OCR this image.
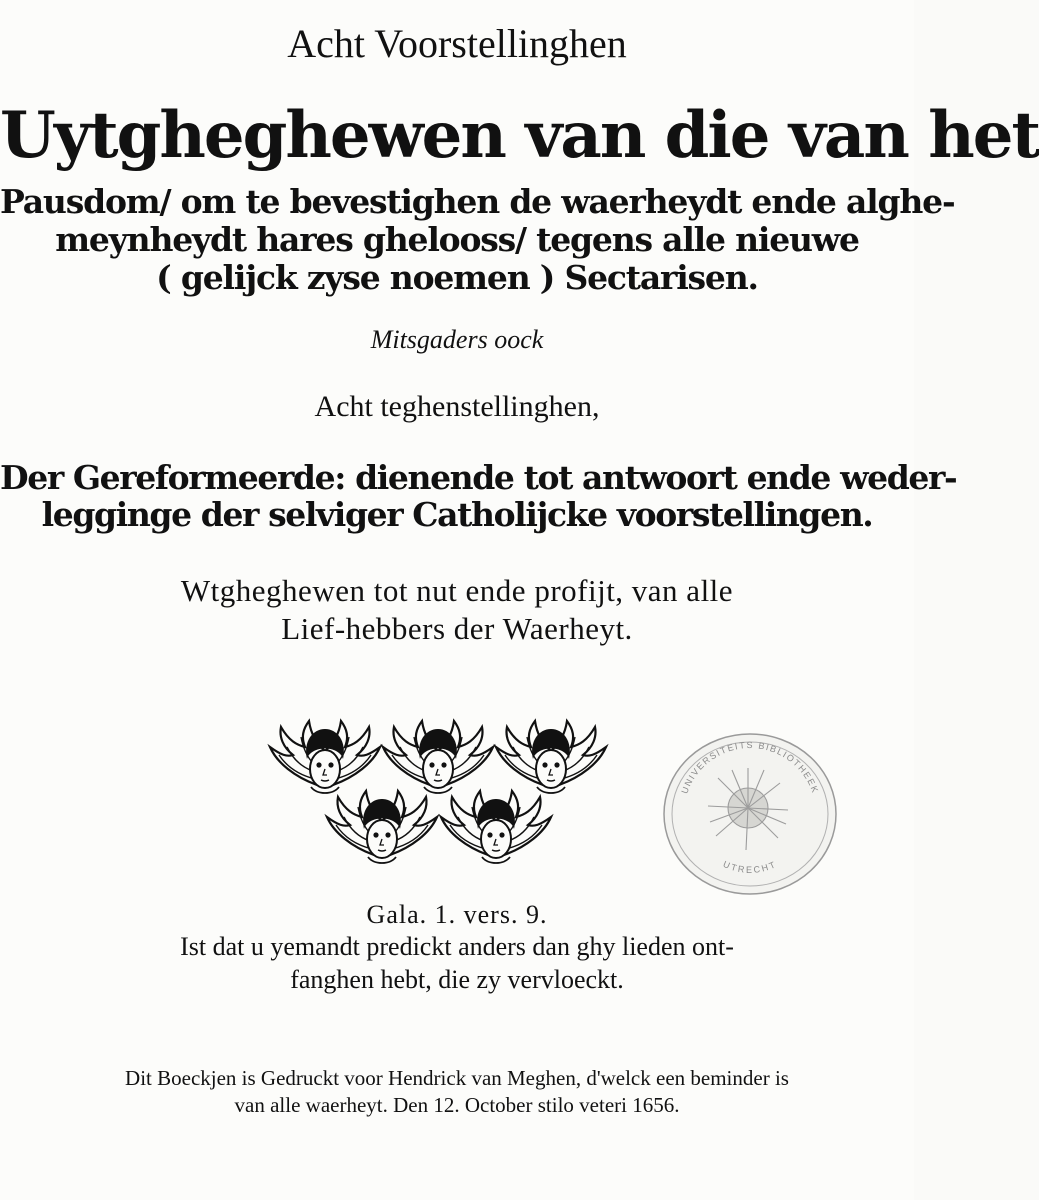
Acht Voorstellinghen
Uytgheghewen van die van het
Pausdom/ om te bevestighen de waerheydt ende alghe-
meynheydt hares ghelooss/ tegens alle nieuwe
( gelijck zyse noemen ) Sectarisen.
Mitsgaders oock
Acht teghenstellinghen,
Der Gereformeerde: dienende tot antwoort ende weder-
legginge der selviger Catholijcke voorstellingen.
Wtgheghewen tot nut ende profijt, van alle
Lief-hebbers der Waerheyt.
UNIVERSITEITS BIBLIOTHEEK
UTRECHT
Gala. 1. vers. 9.
Ist dat u yemandt predickt anders dan ghy lieden ont-
fanghen hebt, die zy vervloeckt.
Dit Boeckjen is Gedruckt voor Hendrick van Meghen, d'welck een beminder is
van alle waerheyt. Den 12. October stilo veteri 1656.
